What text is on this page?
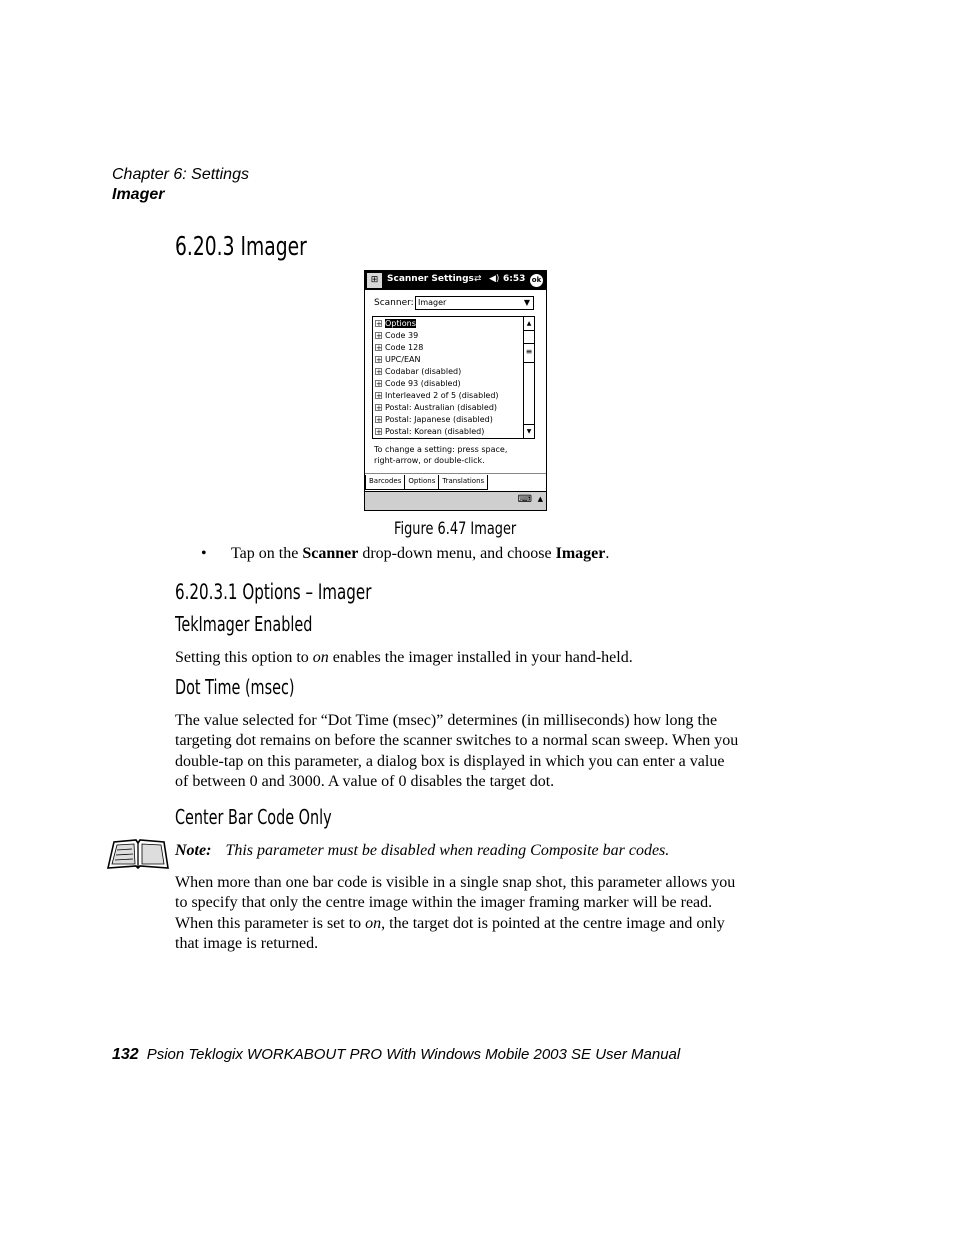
Chapter 6: Settings
Imager
6.20.3 Imager
⊞ Scanner Settings ⇄ ◀) 6:53 ok
Scanner: Imager	▼
+ Options
+ Code 39
+ Code 128
+ UPC/EAN
+ Codabar (disabled)
+ Code 93 (disabled)
+ Interleaved 2 of 5 (disabled)
+ Postal: Australian (disabled)
+ Postal: Japanese (disabled)
+ Postal: Korean (disabled)
▲
≡
▼
To change a setting: press space,
right-arrow, or double-click.
Barcodes	Options	Translations
⌨ ▲
Figure 6.47 Imager
• Tap on the Scanner drop-down menu, and choose Imager.
6.20.3.1 Options – Imager
TekImager Enabled
Setting this option to on enables the imager installed in your hand-held.
Dot Time (msec)
The value selected for “Dot Time (msec)” determines (in milliseconds) how long the targeting dot remains on before the scanner switches to a normal scan sweep. When you double-tap on this parameter, a dialog box is displayed in which you can enter a value of between 0 and 3000. A value of 0 disables the target dot.
Center Bar Code Only
Note: This parameter must be disabled when reading Composite bar codes.
When more than one bar code is visible in a single snap shot, this parameter allows you to specify that only the centre image within the imager framing marker will be read. When this parameter is set to on, the target dot is pointed at the centre image and only that image is returned.
132 Psion Teklogix WORKABOUT PRO With Windows Mobile 2003 SE User Manual
